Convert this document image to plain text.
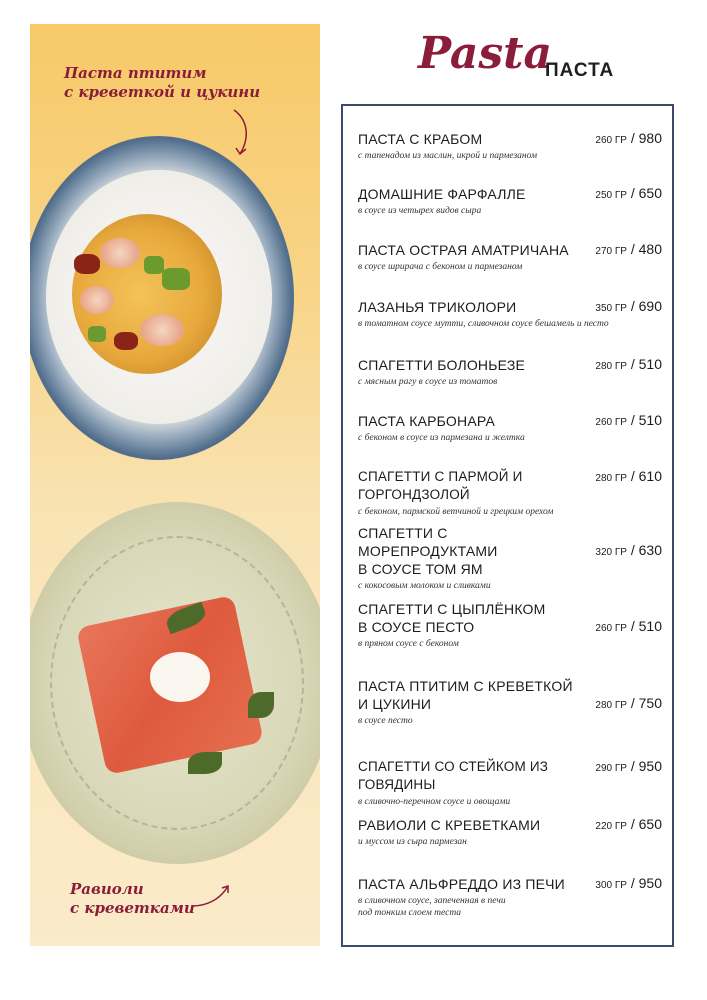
Паста птитим
с креветкой и цукини
Равиоли
с креветками
Pasta
ПАСТА
ПАСТА С КРАБОМ
с тапенадом из маслин, икрой и пармезаном
260 ГР / 980
ДОМАШНИЕ ФАРФАЛЛЕ
в соусе из четырех видов сыра
250 ГР / 650
ПАСТА ОСТРАЯ АМАТРИЧАНА
в соусе шрирача с беконом и пармезаном
270 ГР / 480
ЛАЗАНЬЯ ТРИКОЛОРИ
в томатном соусе мутти, сливочном соусе бешамель и песто
350 ГР / 690
СПАГЕТТИ БОЛОНЬЕЗЕ
с мясным рагу в соусе из томатов
280 ГР / 510
ПАСТА КАРБОНАРА
с беконом в соусе из пармезана и желтка
260 ГР / 510
СПАГЕТТИ С ПАРМОЙ И ГОРГОНДЗОЛОЙ
с беконом, пармской ветчиной и грецким орехом
280 ГР / 610
СПАГЕТТИ С МОРЕПРОДУКТАМИ
В СОУСЕ ТОМ ЯМ
с кокосовым молоком и сливками
320 ГР / 630
СПАГЕТТИ С ЦЫПЛЁНКОМ
В СОУСЕ ПЕСТО
в пряном соусе с беконом
260 ГР / 510
ПАСТА ПТИТИМ С КРЕВЕТКОЙ
И ЦУКИНИ
в соусе песто
280 ГР / 750
СПАГЕТТИ СО СТЕЙКОМ ИЗ ГОВЯДИНЫ
в сливочно-перечном соусе и овощами
290 ГР / 950
РАВИОЛИ С КРЕВЕТКАМИ
и муссом из сыра пармезан
220 ГР / 650
ПАСТА АЛЬФРЕДДО ИЗ ПЕЧИ
в сливочном соусе, запеченная в печи
под тонким слоем теста
300 ГР / 950
